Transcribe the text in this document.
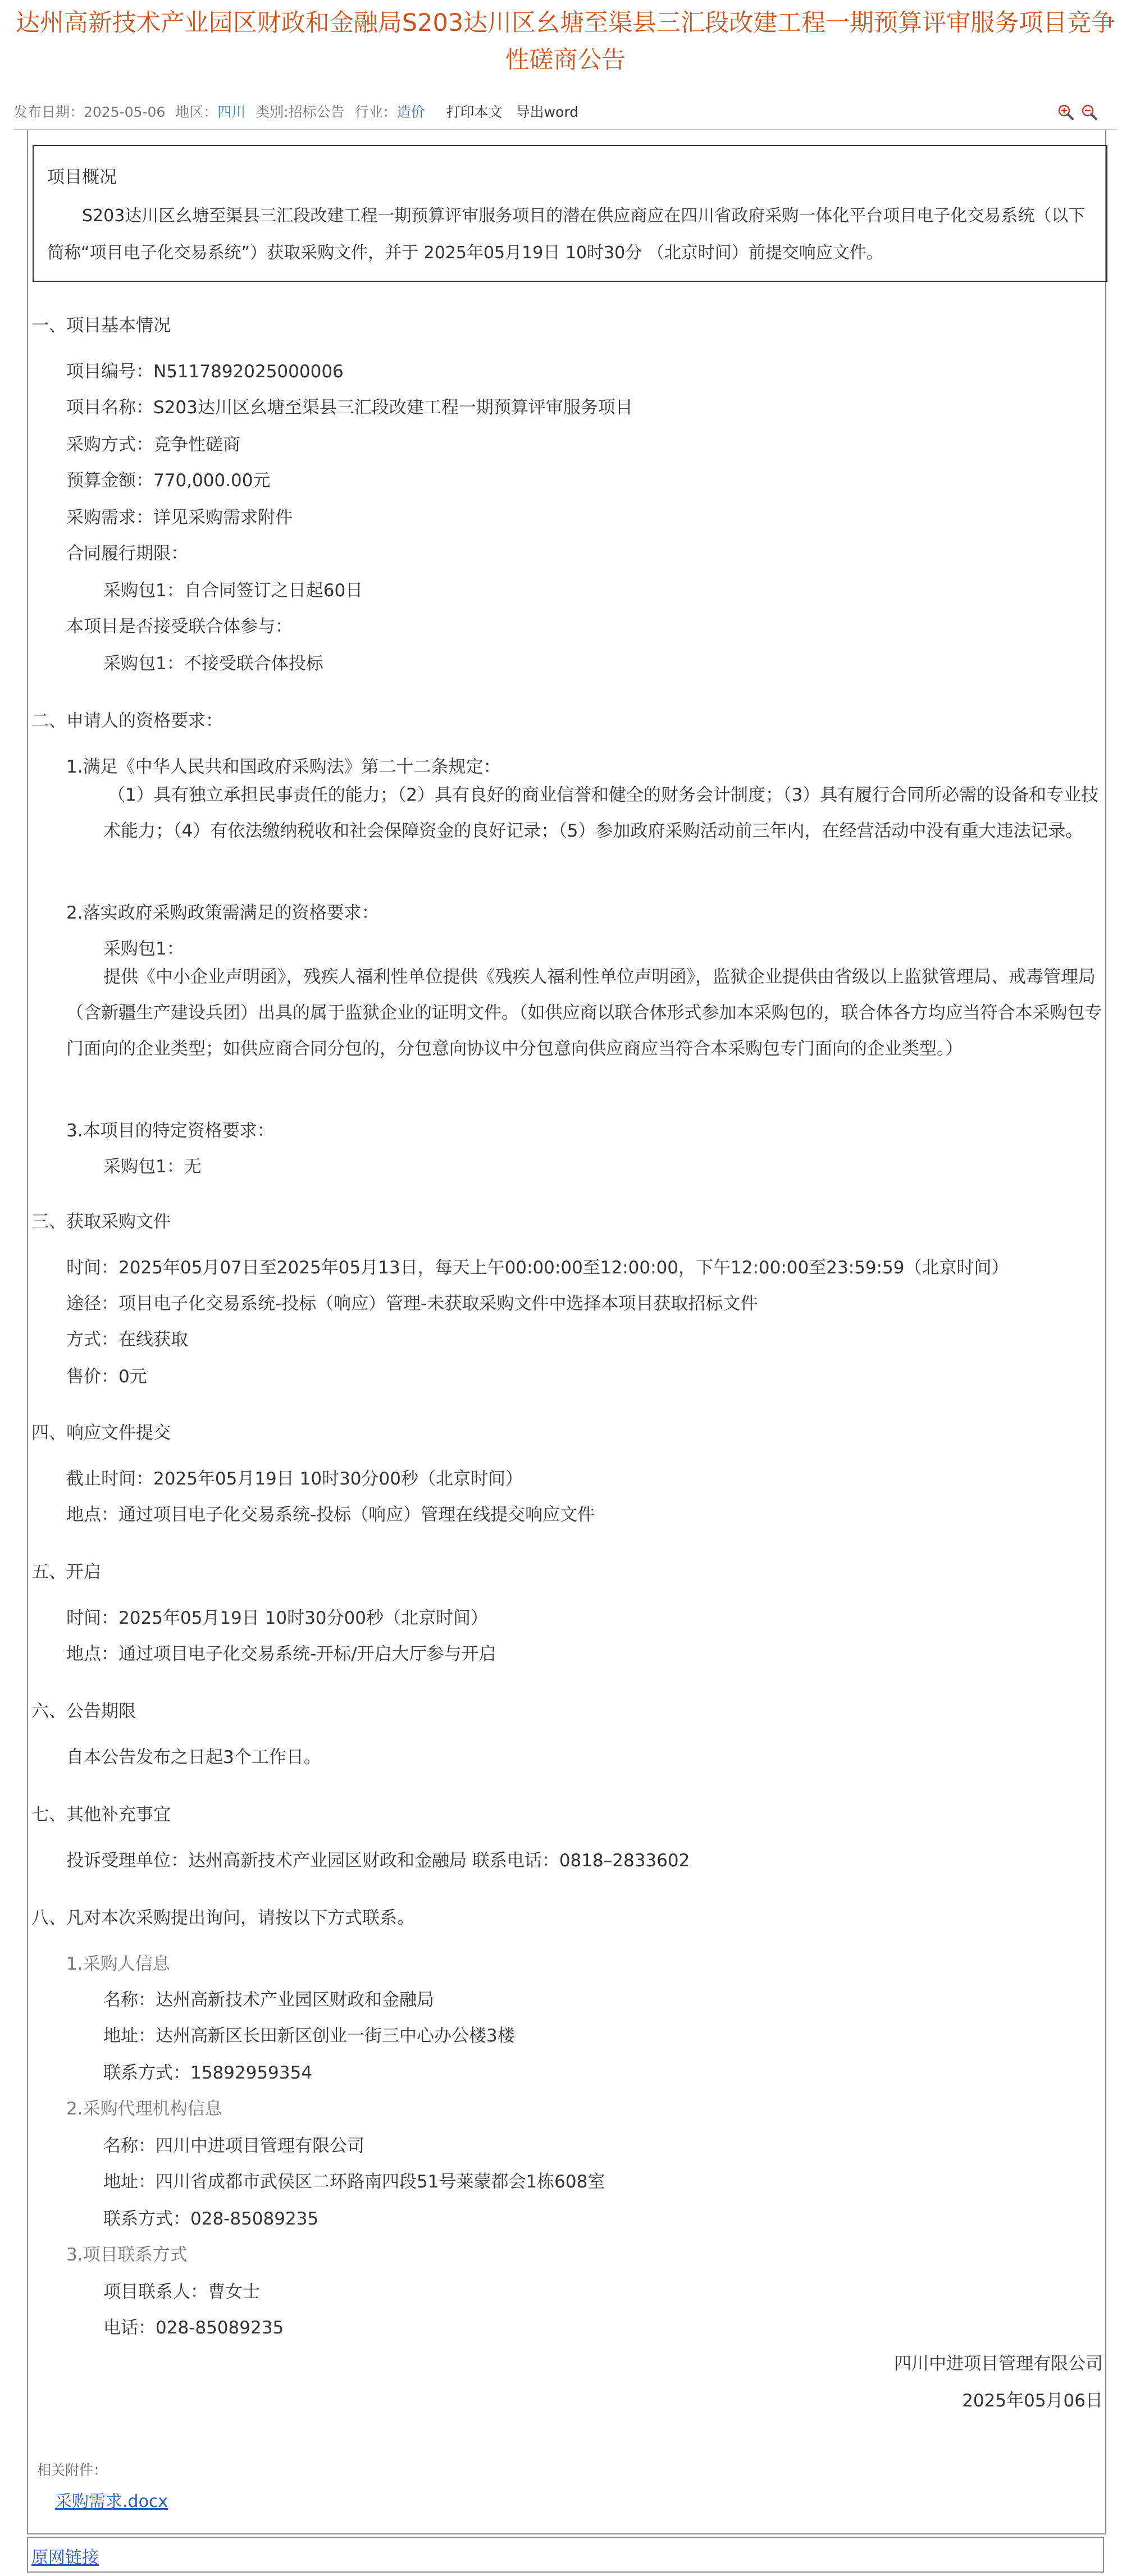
达州高新技术产业园区财政和金融局S203达川区幺塘至渠县三汇段改建工程一期预算评审服务项目竞争性磋商公告
发布日期：2025-05-06 地区：四川 类别:招标公告 行业：造价 打印本文 导出word
项目概况
S203达川区幺塘至渠县三汇段改建工程一期预算评审服务项目的潜在供应商应在四川省政府采购一体化平台项目电子化交易系统（以下简称“项目电子化交易系统”）获取采购文件，并于 2025年05月19日 10时30分 （北京时间）前提交响应文件。
一、项目基本情况
项目编号：N5117892025000006
项目名称：S203达川区幺塘至渠县三汇段改建工程一期预算评审服务项目
采购方式：竞争性磋商
预算金额：770,000.00元
采购需求：详见采购需求附件
合同履行期限：
采购包1：自合同签订之日起60日
本项目是否接受联合体参与：
采购包1：不接受联合体投标
二、申请人的资格要求：
1.满足《中华人民共和国政府采购法》第二十二条规定：
（1）具有独立承担民事责任的能力；（2）具有良好的商业信誉和健全的财务会计制度；（3）具有履行合同所必需的设备和专业技术能力；（4）有依法缴纳税收和社会保障资金的良好记录；（5）参加政府采购活动前三年内，在经营活动中没有重大违法记录。
2.落实政府采购政策需满足的资格要求：
采购包1：
提供《中小企业声明函》，残疾人福利性单位提供《残疾人福利性单位声明函》，监狱企业提供由省级以上监狱管理局、戒毒管理局（含新疆生产建设兵团）出具的属于监狱企业的证明文件。（如供应商以联合体形式参加本采购包的，联合体各方均应当符合本采购包专门面向的企业类型；如供应商合同分包的，分包意向协议中分包意向供应商应当符合本采购包专门面向的企业类型。）
3.本项目的特定资格要求：
采购包1：无
三、获取采购文件
时间：2025年05月07日至2025年05月13日，每天上午00:00:00至12:00:00，下午12:00:00至23:59:59（北京时间）
途径：项目电子化交易系统-投标（响应）管理-未获取采购文件中选择本项目获取招标文件
方式：在线获取
售价：0元
四、响应文件提交
截止时间：2025年05月19日 10时30分00秒（北京时间）
地点：通过项目电子化交易系统-投标（响应）管理在线提交响应文件
五、开启
时间：2025年05月19日 10时30分00秒（北京时间）
地点：通过项目电子化交易系统-开标/开启大厅参与开启
六、公告期限
自本公告发布之日起3个工作日。
七、其他补充事宜
投诉受理单位：达州高新技术产业园区财政和金融局 联系电话：0818–2833602
八、凡对本次采购提出询问，请按以下方式联系。
1.采购人信息
名称：达州高新技术产业园区财政和金融局
地址：达州高新区长田新区创业一街三中心办公楼3楼
联系方式：15892959354
2.采购代理机构信息
名称：四川中进项目管理有限公司
地址：四川省成都市武侯区二环路南四段51号莱蒙都会1栋608室
联系方式：028-85089235
3.项目联系方式
项目联系人：曹女士
电话：028-85089235
四川中进项目管理有限公司
2025年05月06日
相关附件：
采购需求.docx
原网链接
